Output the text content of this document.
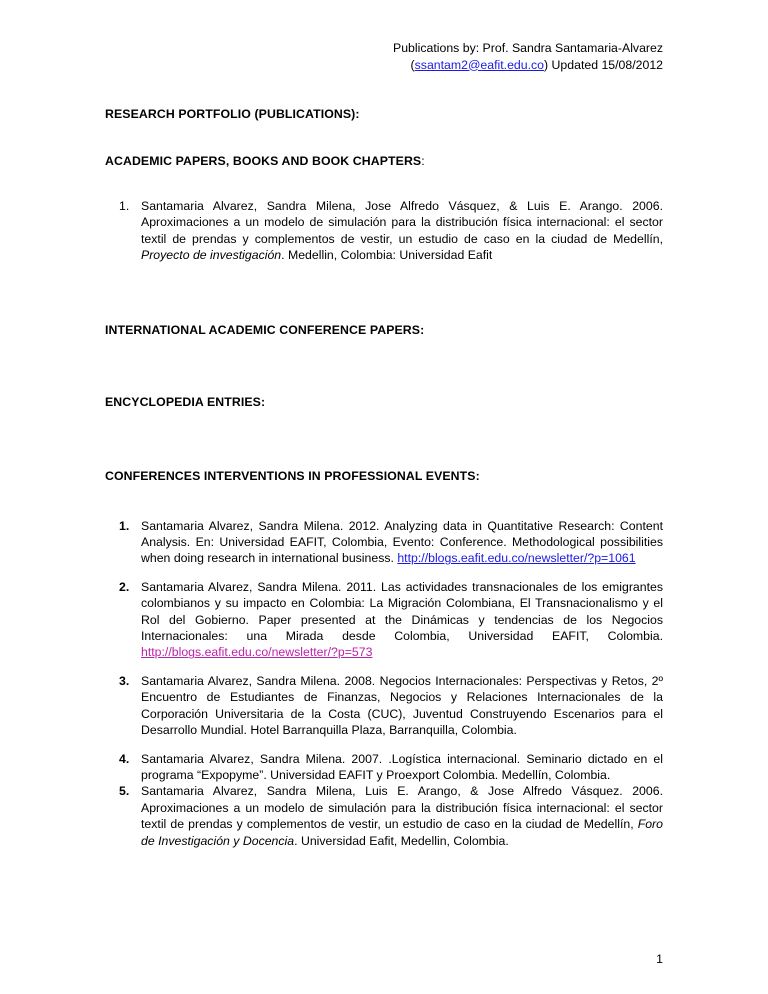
Publications by: Prof. Sandra Santamaria-Alvarez
(ssantam2@eafit.edu.co) Updated 15/08/2012
RESEARCH PORTFOLIO (PUBLICATIONS):
ACADEMIC PAPERS, BOOKS AND BOOK CHAPTERS:
1. Santamaria Alvarez, Sandra Milena, Jose Alfredo Vásquez, & Luis E. Arango. 2006. Aproximaciones a un modelo de simulación para la distribución física internacional: el sector textil de prendas y complementos de vestir, un estudio de caso en la ciudad de Medellín, Proyecto de investigación. Medellin, Colombia: Universidad Eafit
INTERNATIONAL ACADEMIC CONFERENCE PAPERS:
ENCYCLOPEDIA ENTRIES:
CONFERENCES INTERVENTIONS IN PROFESSIONAL EVENTS:
1. Santamaria Alvarez, Sandra Milena. 2012. Analyzing data in Quantitative Research: Content Analysis. En: Universidad EAFIT, Colombia, Evento: Conference. Methodological possibilities when doing research in international business. http://blogs.eafit.edu.co/newsletter/?p=1061
2. Santamaria Alvarez, Sandra Milena. 2011. Las actividades transnacionales de los emigrantes colombianos y su impacto en Colombia: La Migración Colombiana, El Transnacionalismo y el Rol del Gobierno. Paper presented at the Dinámicas y tendencias de los Negocios Internacionales: una Mirada desde Colombia, Universidad EAFIT, Colombia. http://blogs.eafit.edu.co/newsletter/?p=573
3. Santamaria Alvarez, Sandra Milena. 2008. Negocios Internacionales: Perspectivas y Retos, 2º Encuentro de Estudiantes de Finanzas, Negocios y Relaciones Internacionales de la Corporación Universitaria de la Costa (CUC), Juventud Construyendo Escenarios para el Desarrollo Mundial. Hotel Barranquilla Plaza, Barranquilla, Colombia.
4. Santamaria Alvarez, Sandra Milena. 2007. .Logística internacional. Seminario dictado en el programa “Expopyme”. Universidad EAFIT y Proexport Colombia. Medellín, Colombia.
5. Santamaria Alvarez, Sandra Milena, Luis E. Arango, & Jose Alfredo Vásquez. 2006. Aproximaciones a un modelo de simulación para la distribución física internacional: el sector textil de prendas y complementos de vestir, un estudio de caso en la ciudad de Medellín, Foro de Investigación y Docencia. Universidad Eafit, Medellin, Colombia.
1
